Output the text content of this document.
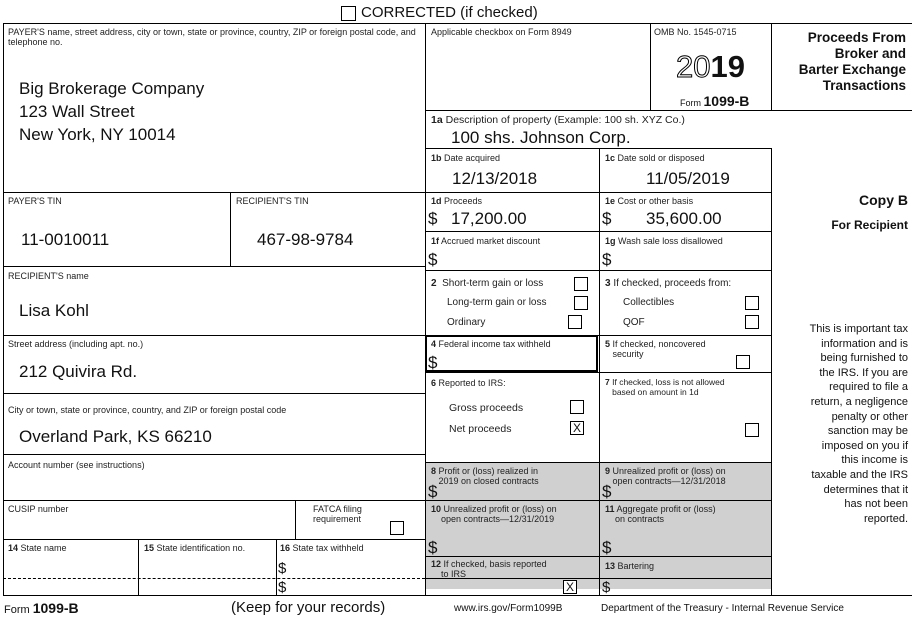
CORRECTED (if checked)
PAYER'S name, street address, city or town, state or province, country, ZIP or foreign postal code, and telephone no.
Big Brokerage Company
123 Wall Street
New York, NY 10014
Applicable checkbox on Form 8949	OMB No. 1545-0715
2019
Form 1099-B
Proceeds From
Broker and
Barter Exchange
Transactions
1a Description of property (Example: 100 sh. XYZ Co.)
100 shs. Johnson Corp.
1b Date acquired
12/13/2018
1c Date sold or disposed
11/05/2019
PAYER'S TIN
11-0010011
RECIPIENT'S TIN
467-98-9784
1d Proceeds
$ 17,200.00
1e Cost or other basis
$ 35,600.00
1f Accrued market discount
$
1g Wash sale loss disallowed
$
Copy B
For Recipient
RECIPIENT'S name
Lisa Kohl
2 Short-term gain or loss
Long-term gain or loss
Ordinary
3 If checked, proceeds from:
Collectibles
QOF
Street address (including apt. no.)
212 Quivira Rd.
4 Federal income tax withheld
$
5 If checked, noncovered
security
6 Reported to IRS:
Gross proceeds
Net proceeds	X
7 If checked, loss is not allowed
based on amount in 1d
City or town, state or province, country, and ZIP or foreign postal code
Overland Park, KS 66210
This is important tax
information and is
being furnished to
the IRS. If you are
required to file a
return, a negligence
penalty or other
sanction may be
imposed on you if
this income is
taxable and the IRS
determines that it
has not been
reported.
8 Profit or (loss) realized in
2019 on closed contracts
$
9 Unrealized profit or (loss) on
open contracts—12/31/2018
$
Account number (see instructions)
CUSIP number	FATCA filing
requirement
10 Unrealized profit or (loss) on
open contracts—12/31/2019
$
11 Aggregate profit or (loss)
on contracts
$
12 If checked, basis reported
to IRS
X
13 Bartering
$
14 State name	15 State identification no.	16 State tax withheld
$
$
Form 1099-B	(Keep for your records)	www.irs.gov/Form1099B	Department of the Treasury - Internal Revenue Service
